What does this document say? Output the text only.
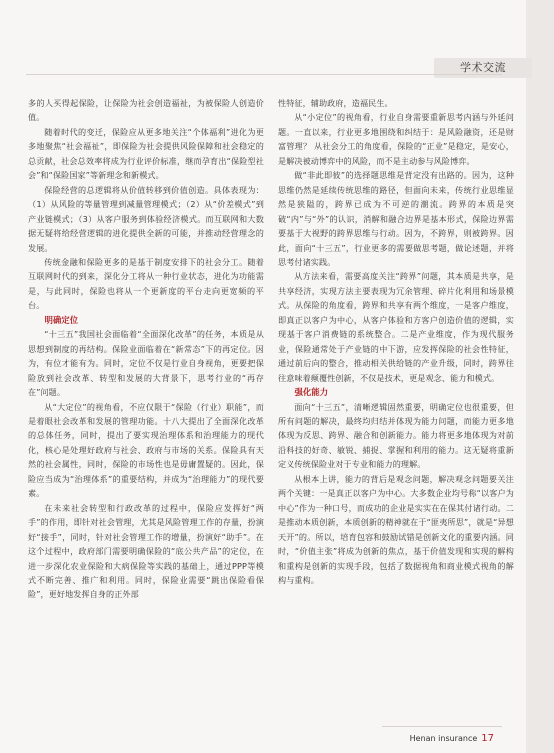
学术交流

多的人买得起保险，让保险为社会创造福祉，为被保险人创造价值。

随着时代的变迁，保险应从更多地关注“个体福利”进化为更多地聚焦“社会福祉”，即保险为社会提供风险保障和社会稳定的总贡献，社会总效率将成为行业评价标准，继而孕育出“保险型社会”和“保险国家”等新理念和新模式。

保险经营的总逻辑将从价值转移到价值创造。具体表现为：（1）从风险的等量管理到减量管理模式；（2）从“价差模式”到产业链模式；（3）从客户服务到体验经济模式。而互联网和大数据无疑将给经营逻辑的进化提供全新的可能，并推动经营理念的发展。

传统金融和保险更多的是基于制度安排下的社会分工。随着互联网时代的到来，深化分工将从一种行业状态，进化为功能需是，与此同时，保险也将从一个更新度的平台走向更宽频的平台。

明确定位

“十三五”我国社会面临着“全面深化改革”的任务，本质是从思想到制度的再结构。保险业面临着在“新常态”下的再定位。因为，有位才能有为。同时，定位不仅是行业自身视角，更要把保险放到社会改革、转型和发展的大背景下，思考行业的“再存在”问题。

从“大定位”的视角看，不应仅限于“保险（行业）职能”，而是着眼社会改革和发展的管理功能。十八大提出了全面深化改革的总体任务，同时，提出了要实现治理体系和治理能力的现代化，核心是处理好政府与社会、政府与市场的关系。保险具有天然的社会属性，同时，保险的市场性也是毋庸置疑的。因此，保险应当成为“治理体系”的重要结构，并成为“治理能力”的现代要素。

在未来社会转型和行政改革的过程中，保险应发挥好“两手”的作用，即针对社会管理，尤其是风险管理工作的存量，扮演好“接手”，同时，针对社会管理工作的增量，扮演好“助手”。在这个过程中，政府部门需要明确保险的“底公共产品”的定位，在进一步深化农业保险和大病保险等实践的基础上，通过PPP等模式不断完善、推广和利用。同时，保险业需要“跳出保险看保险”，更好地发挥自身的正外部

性特征，辅助政府，造福民生。

从“小定位”的视角看，行业自身需要重新思考内涵与外延问题。一直以来，行业更多地围绕和纠结于：是风险融资，还是财富管理？ 从社会分工的角度看，保险的“正业”是稳定，是安心，是解决被动博弈中的风险，而不是主动参与风险博弈。

做“非此即彼”的选择题思维是背定没有出路的。因为，这种思维仍然是延续传统思维的路径，但面向未来，传统行业思维显然是狭隘的，跨界已成为不可逆的潮流。跨界的本质是突破“内”与“外”的认识，消解和融合边界是基本形式，保险边界需要基于大视野的跨界思维与行动。因为，不跨界，则被跨界。因此，面向“十三五”，行业更多的需要做思考题，做论述题，并将思考付诸实践。

从方法来看，需要高度关注“跨界”问题，其本质是共享，是共享经济，实现方法主要表现为冗余管理、碎片化利用和场景模式。从保险的角度看，跨界和共享有两个维度，一是客户维度，即真正以客户为中心，从客户体验和方客户创造价值的逻辑，实现基于客户消费链的系统整合。二是产业维度，作为现代服务业，保险通常处于产业链的中下游，应发挥保险的社会性特征，通过前后向的整合，推动相关供给链的产业升级，同时，跨界往往意味着颠覆性创新，不仅是技术，更是观念、能力和模式。

强化能力

面向“十三五”，清晰逻辑固然重要，明确定位也很重要，但所有问题的解决，最终均归结并体现为能力问题，而能力更多地体现为反思、跨界、融合和创新能力。能力将更多地体现为对前沿科技的好奇、敏锐、捕捉、掌握和利用的能力。这无疑将重新定义传统保险业对于专业和能力的理解。

从根本上讲，能力的背后是观念问题，解决观念问题要关注两个关键：一是真正以客户为中心。大多数企业均号称“以客户为中心”作为一种口号，而成功的企业是实实在在保其付诸行动。二是推动本质创新，本质创新的精神就在于“匪夷所思”，就是“异想天开”的。所以，培育包容和鼓励试错是创新文化的重要内涵。同时，“价值主张”将成为创新的焦点，基于价值发现和实现的解构和重构是创新的实现手段，包括了数据视角和商业模式视角的解构与重构。

Henan insurance 17
